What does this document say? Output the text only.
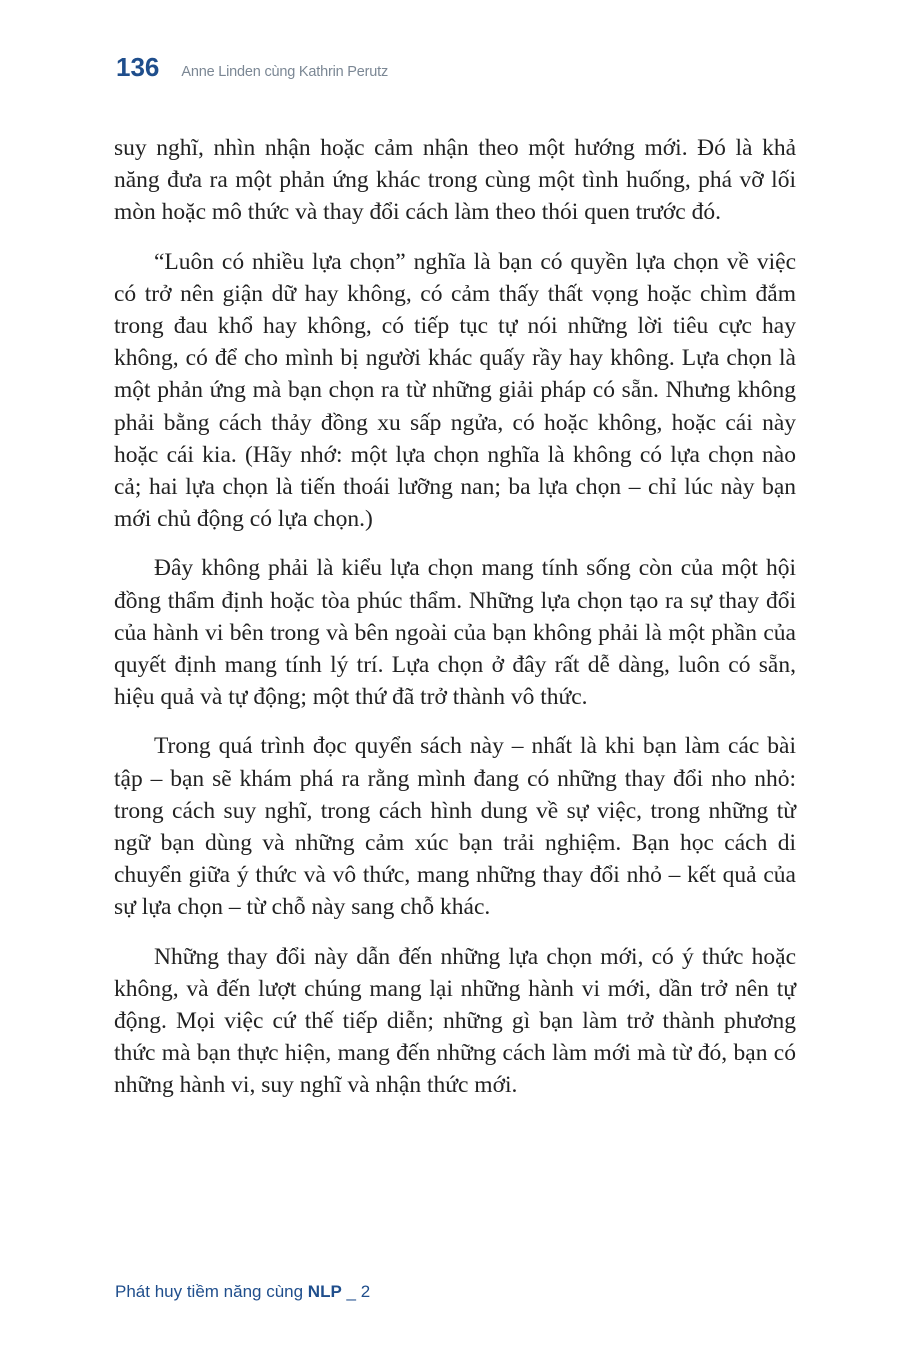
136 Anne Linden cùng Kathrin Perutz

suy nghĩ, nhìn nhận hoặc cảm nhận theo một hướng mới. Đó là khả năng đưa ra một phản ứng khác trong cùng một tình huống, phá vỡ lối mòn hoặc mô thức và thay đổi cách làm theo thói quen trước đó.

“Luôn có nhiều lựa chọn” nghĩa là bạn có quyền lựa chọn về việc có trở nên giận dữ hay không, có cảm thấy thất vọng hoặc chìm đắm trong đau khổ hay không, có tiếp tục tự nói những lời tiêu cực hay không, có để cho mình bị người khác quấy rầy hay không. Lựa chọn là một phản ứng mà bạn chọn ra từ những giải pháp có sẵn. Nhưng không phải bằng cách thảy đồng xu sấp ngửa, có hoặc không, hoặc cái này hoặc cái kia. (Hãy nhớ: một lựa chọn nghĩa là không có lựa chọn nào cả; hai lựa chọn là tiến thoái lưỡng nan; ba lựa chọn – chỉ lúc này bạn mới chủ động có lựa chọn.)

Đây không phải là kiểu lựa chọn mang tính sống còn của một hội đồng thẩm định hoặc tòa phúc thẩm. Những lựa chọn tạo ra sự thay đổi của hành vi bên trong và bên ngoài của bạn không phải là một phần của quyết định mang tính lý trí. Lựa chọn ở đây rất dễ dàng, luôn có sẵn, hiệu quả và tự động; một thứ đã trở thành vô thức.

Trong quá trình đọc quyển sách này – nhất là khi bạn làm các bài tập – bạn sẽ khám phá ra rằng mình đang có những thay đổi nho nhỏ: trong cách suy nghĩ, trong cách hình dung về sự việc, trong những từ ngữ bạn dùng và những cảm xúc bạn trải nghiệm. Bạn học cách di chuyển giữa ý thức và vô thức, mang những thay đổi nhỏ – kết quả của sự lựa chọn – từ chỗ này sang chỗ khác.

Những thay đổi này dẫn đến những lựa chọn mới, có ý thức hoặc không, và đến lượt chúng mang lại những hành vi mới, dần trở nên tự động. Mọi việc cứ thế tiếp diễn; những gì bạn làm trở thành phương thức mà bạn thực hiện, mang đến những cách làm mới mà từ đó, bạn có những hành vi, suy nghĩ và nhận thức mới.

Phát huy tiềm năng cùng NLP _ 2
